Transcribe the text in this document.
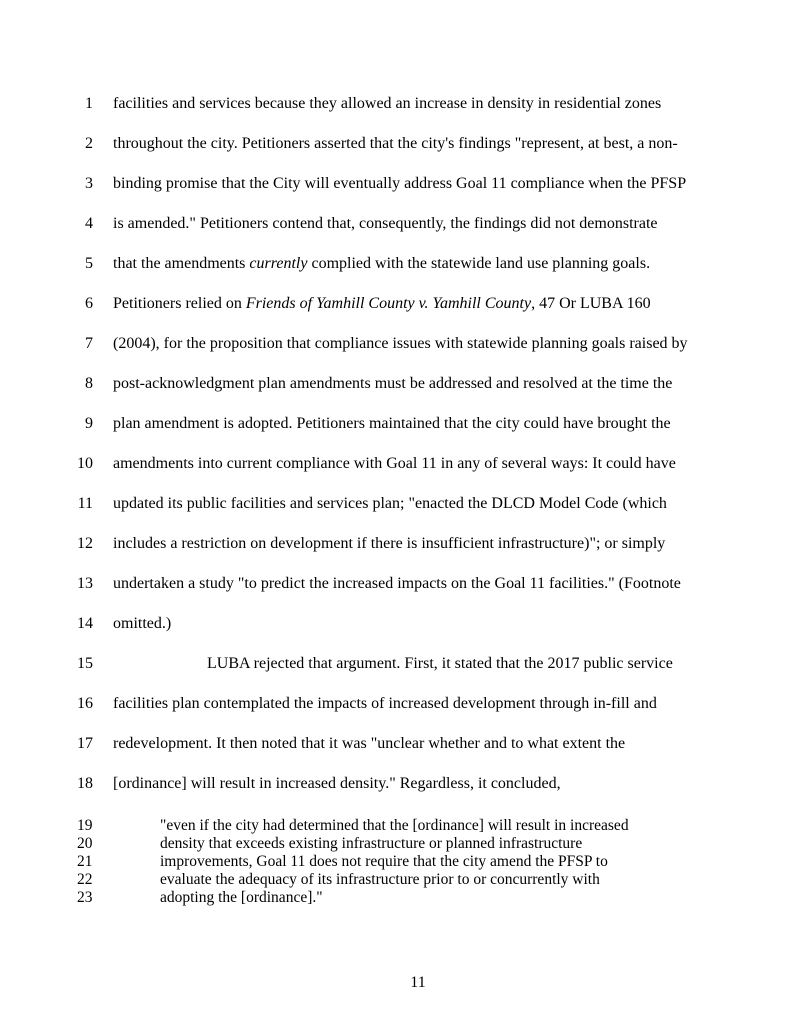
1 facilities and services because they allowed an increase in density in residential zones
2 throughout the city. Petitioners asserted that the city's findings "represent, at best, a non-
3 binding promise that the City will eventually address Goal 11 compliance when the PFSP
4 is amended." Petitioners contend that, consequently, the findings did not demonstrate
5 that the amendments currently complied with the statewide land use planning goals.
6 Petitioners relied on Friends of Yamhill County v. Yamhill County, 47 Or LUBA 160
7 (2004), for the proposition that compliance issues with statewide planning goals raised by
8 post-acknowledgment plan amendments must be addressed and resolved at the time the
9 plan amendment is adopted. Petitioners maintained that the city could have brought the
10 amendments into current compliance with Goal 11 in any of several ways: It could have
11 updated its public facilities and services plan; "enacted the DLCD Model Code (which
12 includes a restriction on development if there is insufficient infrastructure)"; or simply
13 undertaken a study "to predict the increased impacts on the Goal 11 facilities." (Footnote
14 omitted.)
15	LUBA rejected that argument. First, it stated that the 2017 public service
16 facilities plan contemplated the impacts of increased development through in-fill and
17 redevelopment. It then noted that it was "unclear whether and to what extent the
18 [ordinance] will result in increased density." Regardless, it concluded,
19	"even if the city had determined that the [ordinance] will result in increased
20	density that exceeds existing infrastructure or planned infrastructure
21	improvements, Goal 11 does not require that the city amend the PFSP to
22	evaluate the adequacy of its infrastructure prior to or concurrently with
23	adopting the [ordinance]."
11
